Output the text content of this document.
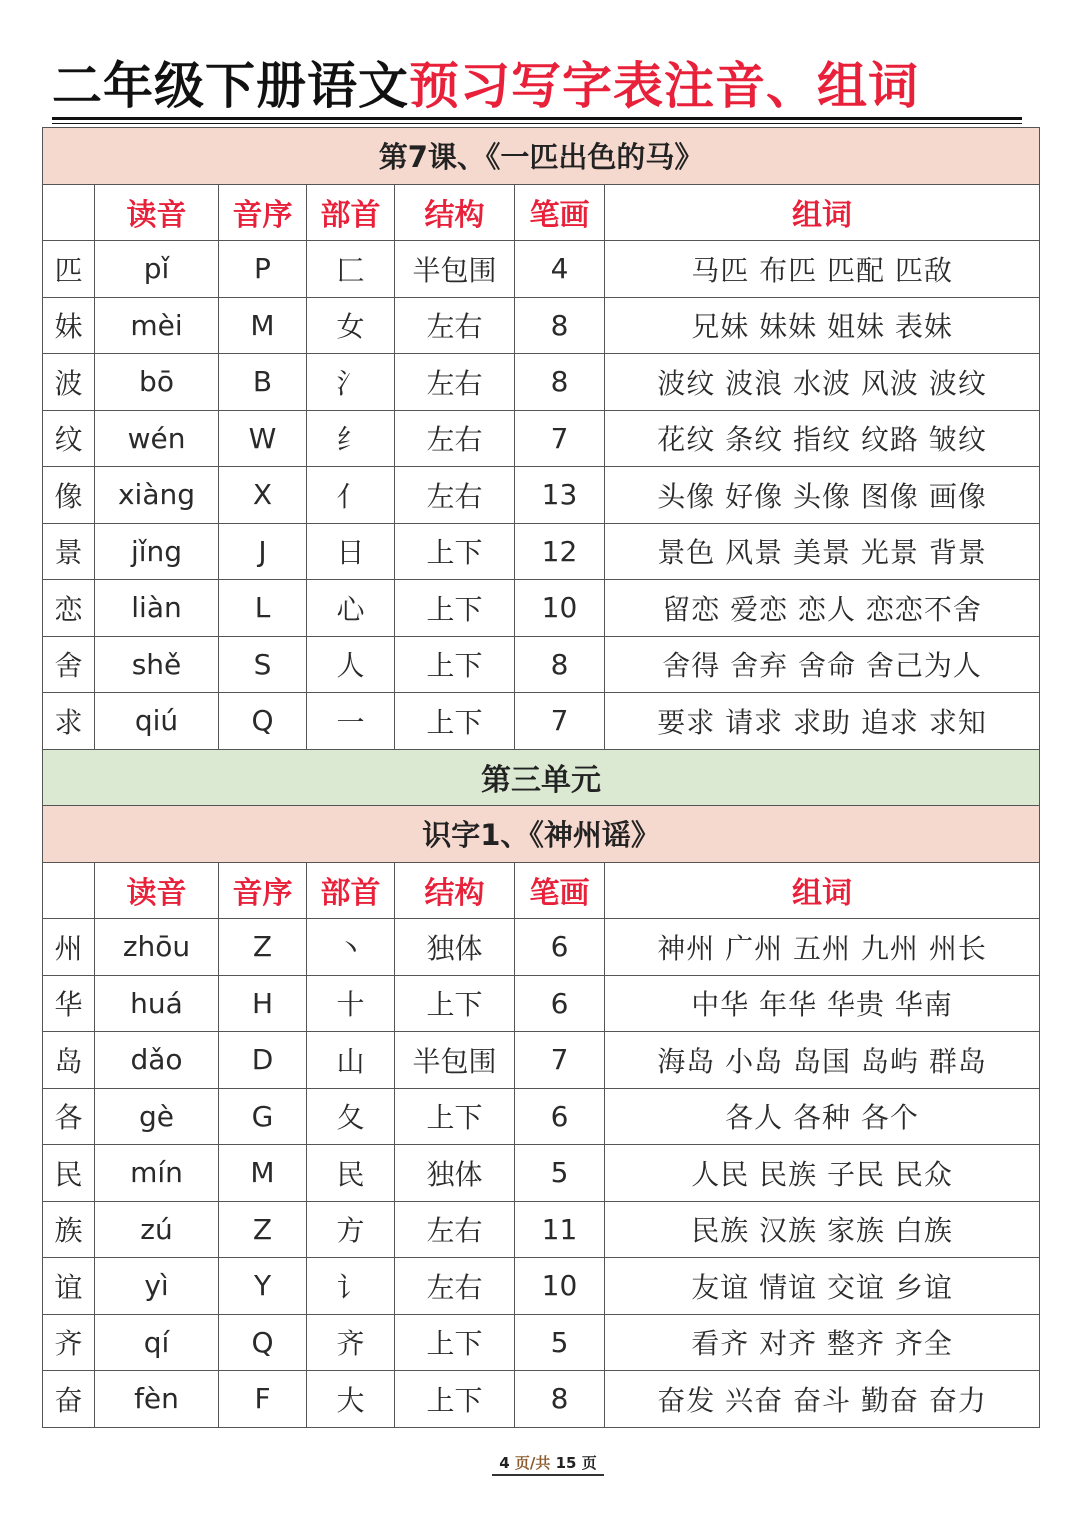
二年级下册语文预习写字表注音、组词
第7课、《一匹出色的马》						
	读音	音序	部首	结构	笔画	组词
匹	pǐ	P	匚	半包围	4	马匹 布匹 匹配 匹敌
妹	mèi	M	女	左右	8	兄妹 妹妹 姐妹 表妹
波	bō	B	氵	左右	8	波纹 波浪 水波 风波 波纹
纹	wén	W	纟	左右	7	花纹 条纹 指纹 纹路 皱纹
像	xiàng	X	亻	左右	13	头像 好像 头像 图像 画像
景	jǐng	J	日	上下	12	景色 风景 美景 光景 背景
恋	liàn	L	心	上下	10	留恋 爱恋 恋人 恋恋不舍
舍	shě	S	人	上下	8	舍得 舍弃 舍命 舍己为人
求	qiú	Q	一	上下	7	要求 请求 求助 追求 求知
第三单元						
识字1、《神州谣》						
	读音	音序	部首	结构	笔画	组词
州	zhōu	Z	丶	独体	6	神州 广州 五州 九州 州长
华	huá	H	十	上下	6	中华 年华 华贵 华南
岛	dǎo	D	山	半包围	7	海岛 小岛 岛国 岛屿 群岛
各	gè	G	夂	上下	6	各人 各种 各个
民	mín	M	民	独体	5	人民 民族 子民 民众
族	zú	Z	方	左右	11	民族 汉族 家族 白族
谊	yì	Y	讠	左右	10	友谊 情谊 交谊 乡谊
齐	qí	Q	齐	上下	5	看齐 对齐 整齐 齐全
奋	fèn	F	大	上下	8	奋发 兴奋 奋斗 勤奋 奋力
4 页/共 15 页
